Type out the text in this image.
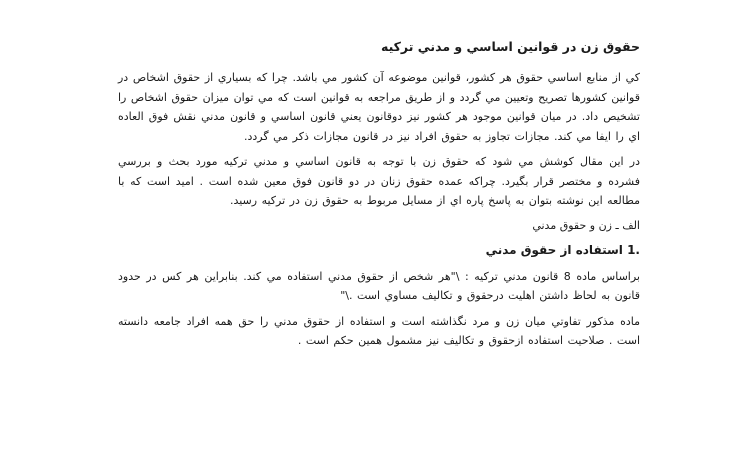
حقوق زن در قوانين اساسي و مدني تركيه

كي از منابع اساسي حقوق هر كشور، قوانين موضوعه آن كشور مي باشد. چرا كه بسياري از حقوق اشخاص در قوانين كشورها تصريح وتعيين مي گردد و از طريق مراجعه به قوانين است كه مي توان ميزان حقوق اشخاص را تشخيص داد. در ميان قوانين موجود هر كشور نيز دوقانون يعني قانون اساسي و قانون مدني نقش فوق العاده اي را ايفا مي كند. مجازات تجاوز به حقوق افراد نيز در قانون مجازات ذكر مي گردد.

در اين مقال كوشش مي شود كه حقوق زن با توجه به قانون اساسي و مدني تركيه مورد بحث و بررسي فشرده و مختصر قرار بگيرد. چراكه عمده حقوق زنان در دو قانون فوق معين شده است . اميد است كه با مطالعه اين نوشته بتوان به پاسخ پاره اي از مسايل مربوط به حقوق زن در تركيه رسيد.

الف ـ زن و حقوق مدني
1. استفاده از حقوق مدني

براساس ماده 8 قانون مدني تركيه : \"هر شخص از حقوق مدني استفاده مي كند. بنابراين هر كس در حدود قانون به لحاظ داشتن اهليت درحقوق و تكاليف مساوي است .\"

ماده مذكور تفاوتي ميان زن و مرد نگذاشته است و استفاده از حقوق مدني را حق همه افراد جامعه دانسته است . صلاحيت استفاده ازحقوق و تكاليف نيز مشمول همين حكم است .
